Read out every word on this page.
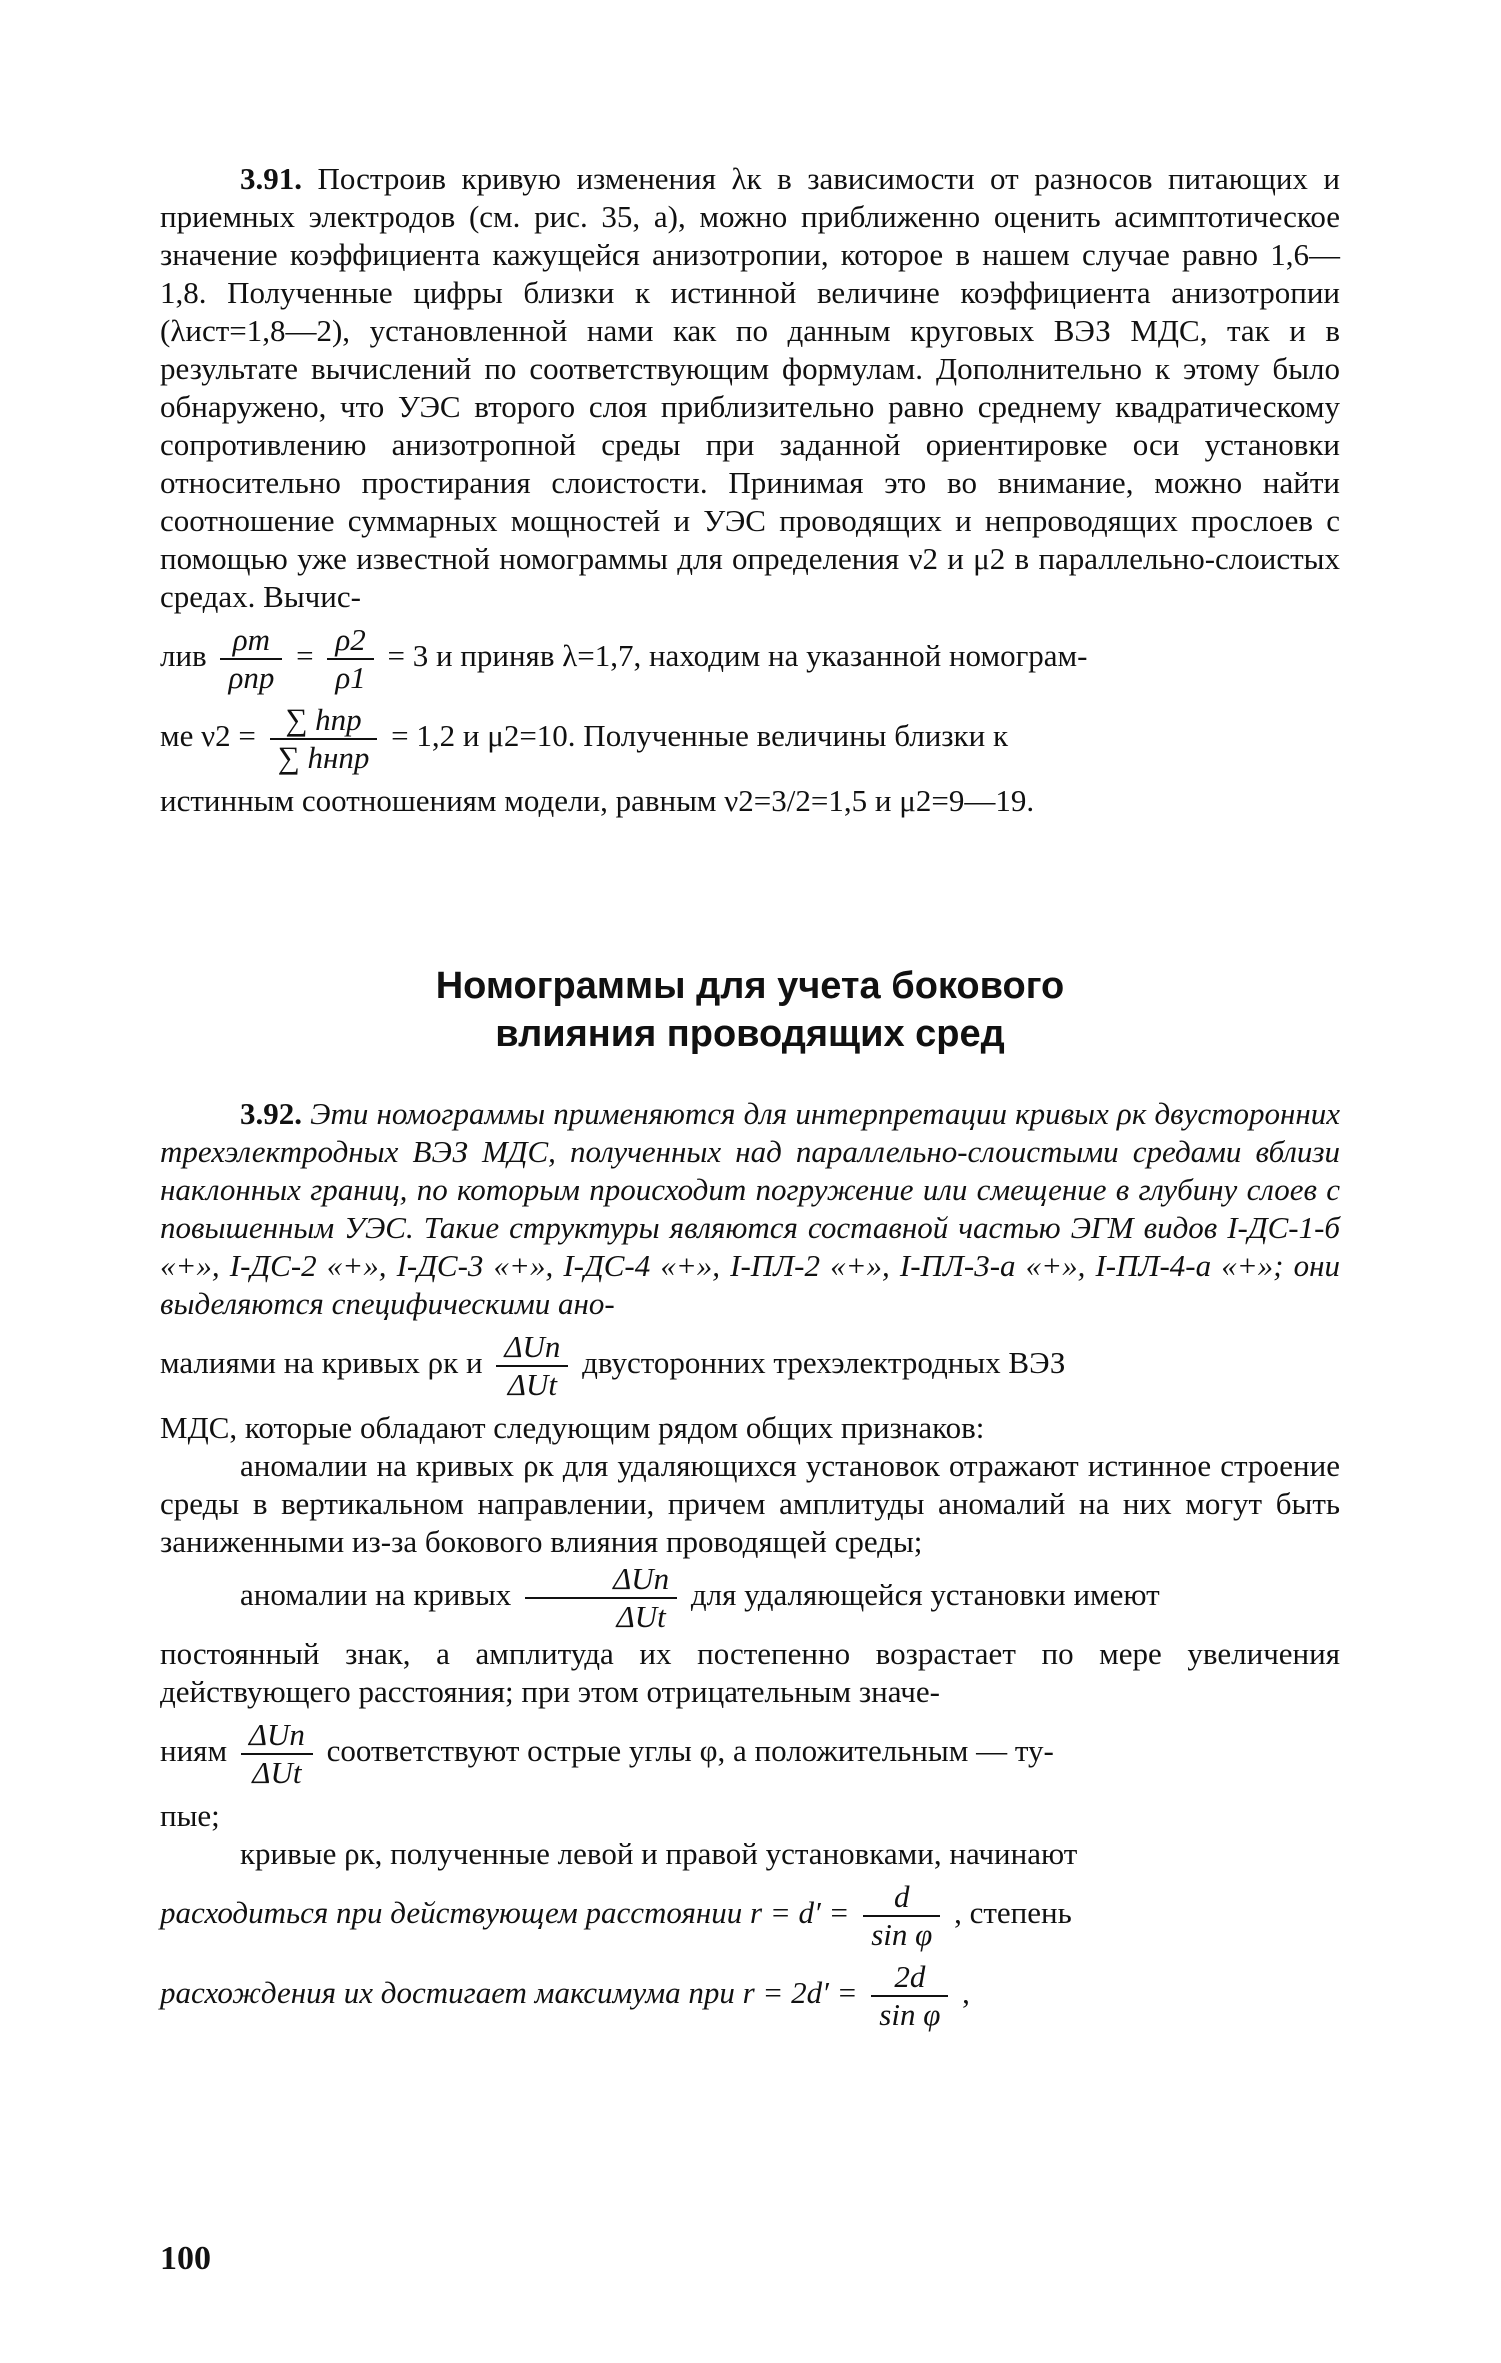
3.91. Построив кривую изменения λк в зависимости от разносов питающих и приемных электродов (см. рис. 35, а), можно приближенно оценить асимптотическое значение коэффициента кажущейся анизотропии, которое в нашем случае равно 1,6—1,8. Полученные цифры близки к истинной величине коэффициента анизотропии (λист=1,8—2), установленной нами как по данным круговых ВЭЗ МДС, так и в результате вычислений по соответствующим формулам. Дополнительно к этому было обнаружено, что УЭС второго слоя приблизительно равно среднему квадратическому сопротивлению анизотропной среды при заданной ориентировке оси установки относительно простирания слоистости. Принимая это во внимание, можно найти соотношение суммарных мощностей и УЭС проводящих и непроводящих прослоев с помощью уже известной номограммы для определения ν2 и μ2 в параллельно-слоистых средах. Вычис-

лив $\frac{\rho m}{\text{ρпр}} = \frac{\rho 2}{\rho 1} = 3$ и приняв λ=1,7, находим на указанной номограм-
ме $\nu 2 = \frac{\text{∑ hпр}}{\text{∑ hнпр}} = 1,2$ и μ2=10. Полученные величины близки к
истинным соотношениям модели, равным ν2=3/2=1,5 и μ2=9—19.
Номограммы для учета бокового
влияния проводящих сред

3.92. Эти номограммы применяются для интерпретации кривых ρк двусторонних трехэлектродных ВЭЗ МДС, полученных над параллельно-слоистыми средами вблизи наклонных границ, по которым происходит погружение или смещение в глубину слоев с повышенным УЭС. Такие структуры являются составной частью ЭГМ видов I-ДС-1-б «+», I-ДС-2 «+», I-ДС-3 «+», I-ДС-4 «+», I-ПЛ-2 «+», I-ПЛ-3-а «+», I-ПЛ-4-а «+»; они выделяются специфическими ано-

малиями на кривых ρк и $\frac{\text{ΔUn}}{\text{ΔUt}}$ двусторонних трехэлектродных ВЭЗ

МДС, которые обладают следующим рядом общих признаков:

аномалии на кривых ρк для удаляющихся установок отражают истинное строение среды в вертикальном направлении, причем амплитуды аномалий на них могут быть заниженными из-за бокового влияния проводящей среды;

аномалии на кривых $\frac{\text{ΔUn}}{\text{ΔUt}}$ для удаляющейся установки имеют

постоянный знак, а амплитуда их постепенно возрастает по мере увеличения действующего расстояния; при этом отрицательным значе-

ниям $\frac{\text{ΔUn}}{\text{ΔUt}}$ соответствуют острые углы φ, а положительным — ту-

пые;

кривые ρк, полученные левой и правой установками, начинают

расходиться при действующем расстоянии $r = d' = \frac{d}{\text{sin φ}}$ , степень
расхождения их достигает максимума при $r = 2d' = \frac{2d}{\text{sin φ}}$ ,
100
